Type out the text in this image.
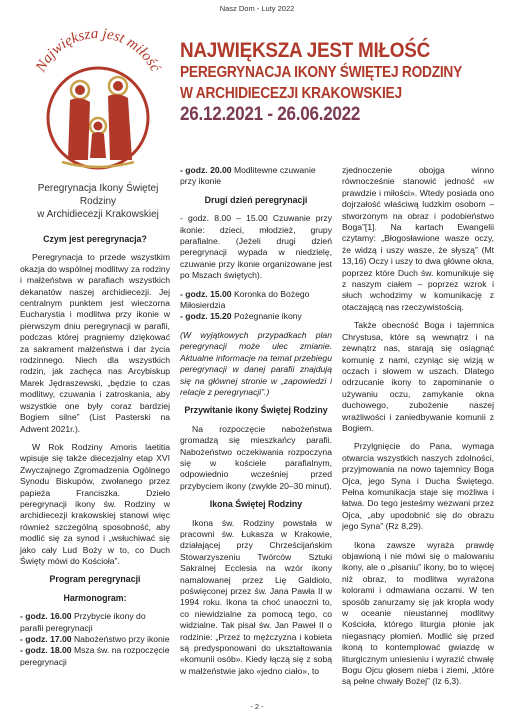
Nasz Dom - Luty 2022
Największa jest miłość
Peregrynacja Ikony Świętej Rodziny
w Archidiecezji Krakowskiej
NAJWIĘKSZA JEST MIŁOŚĆ
PEREGRYNACJA IKONY ŚWIĘTEJ RODZINY
W ARCHIDIECEZJI KRAKOWSKIEJ
26.12.2021 - 26.06.2022
Czym jest peregrynacja?

Peregrynacja to przede wszystkim okazja do wspólnej modlitwy za rodziny i małżeństwa w parafiach wszystkich dekanatów naszej archidiecezji. Jej centralnym punktem jest wieczorna Eucharystia i modlitwa przy ikonie w pierwszym dniu peregrynacji w parafii, podczas której pragniemy dziękować za sakrament małżeństwa i dar życia rodzinnego. Niech dla wszystkich rodzin, jak zachęca nas Arcybiskup Marek Jędraszewski, „będzie to czas modlitwy, czuwania i zatroskania, aby wszystkie one były coraz bardziej Bogiem silne” (List Pasterski na Adwent 2021r.).

W Rok Rodziny Amoris laetitia wpisuje się także diecezjalny etap XVI Zwyczajnego Zgromadzenia Ogólnego Synodu Biskupów, zwołanego przez papieża Franciszka. Dzieło peregrynacji ikony św. Rodziny w archidiecezji krakowskiej stanowi więc również szczególną sposobność, aby modlić się za synod i „wsłuchiwać się jako cały Lud Boży w to, co Duch Święty mówi do Kościoła”.

Program peregrynacji
Harmonogram:
- godz. 16.00 Przybycie ikony do parafii peregrynacji
- godz. 17.00 Nabożeństwo przy ikonie
- godz. 18.00 Msza św. na rozpoczęcie peregrynacji
- godz. 20.00 Modlitewne czuwanie przy ikonie
Drugi dzień peregrynacji

- godz. 8.00 – 15.00 Czuwanie przy ikonie: dzieci, młodzież, grupy parafialne. (Jeżeli drugi dzień peregrynacji wypada w niedzielę, czuwanie przy ikonie organizowane jest po Mszach świętych).

- godz. 15.00 Koronka do Bożego Miłosierdzia
- godz. 15.20 Pożegnanie ikony

(W wyjątkowych przypadkach plan peregrynacji może ulec zmianie. Aktualne informacje na temat przebiegu peregrynacji w danej parafii znajdują się na głównej stronie w „zapowiedzi i relacje z peregrynacji”.)

Przywitanie ikony Świętej Rodziny

Na rozpoczęcie nabożeństwa gromadzą się mieszkańcy parafii. Nabożeństwo oczekiwania rozpoczyna się w kościele parafialnym, odpowiednio wcześniej przed przybyciem ikony (zwykle 20–30 minut).

Ikona Świętej Rodziny

Ikona św. Rodziny powstała w pracowni św. Łukasza w Krakowie, działającej przy Chrześcijańskim Stowarzyszeniu Twórców Sztuki Sakralnej Ecclesia na wzór ikony namalowanej przez Lię Galdiolo, poświęconej przez św. Jana Pawła II w 1994 roku. Ikona ta choć unaoczni to, co niewidzialne za pomocą tego, co widzialne. Tak pisał św. Jan Paweł II o rodzinie: „Przez to mężczyzna i kobieta są predysponowani do ukształtowania «komunii osób». Kiedy łączą się z sobą w małżeństwie jako «jedno ciało», to

zjednoczenie obojga winno równocześnie stanowić jedność «w prawdzie i miłości». Wtedy posiada ono dojrzałość właściwą ludzkim osobom – stworzonym na obraz i podobieństwo Boga”[1]. Na kartach Ewangelii czytamy: „Błogosławione wasze oczy, że widzą i uszy wasze, że słyszą” (Mt 13,16) Oczy i uszy to dwa główne okna, poprzez które Duch św. komunikuje się z naszym ciałem – poprzez wzrok i słuch wchodzimy w komunikację z otaczającą nas rzeczywistością.

Także obecność Boga i tajemnica Chrystusa, które są wewnątrz i na zewnątrz nas, starają się osiągnąć komunię z nami, czyniąc się wizją w oczach i słowem w uszach. Dlatego odrzucanie ikony to zapominanie o używaniu oczu, zamykanie okna duchowego, zubożenie naszej wrażliwości i zaniedbywanie komunii z Bogiem.

Przylgnięcie do Pana, wymaga otwarcia wszystkich naszych zdolności, przyjmowania na nowo tajemnicy Boga Ojca, jego Syna i Ducha Świętego. Pełna komunikacja staje się możliwa i łatwa. Do tego jesteśmy wezwani przez Ojca, „aby upodobnić się do obrazu jego Syna” (Rz 8,29).

Ikona zawsze wyraża prawdę objawioną i nie mówi się o malowaniu ikony, ale o „pisaniu” ikony, bo to więcej niż obraz, to modlitwa wyrażona kolorami i odmawiana oczami. W ten sposób zanurzamy się jak kropla wody w oceanie nieustannej modlitwy Kościoła, którego liturgia płonie jak niegasnący płomień. Modlić się przed ikoną to kontemplować gwiazdę w liturgicznym uniesieniu i wyrazić chwałę Bogu Ojcu głosem nieba i ziemi, „które są pełne chwały Bożej” (Iz 6,3).

- 2 -
